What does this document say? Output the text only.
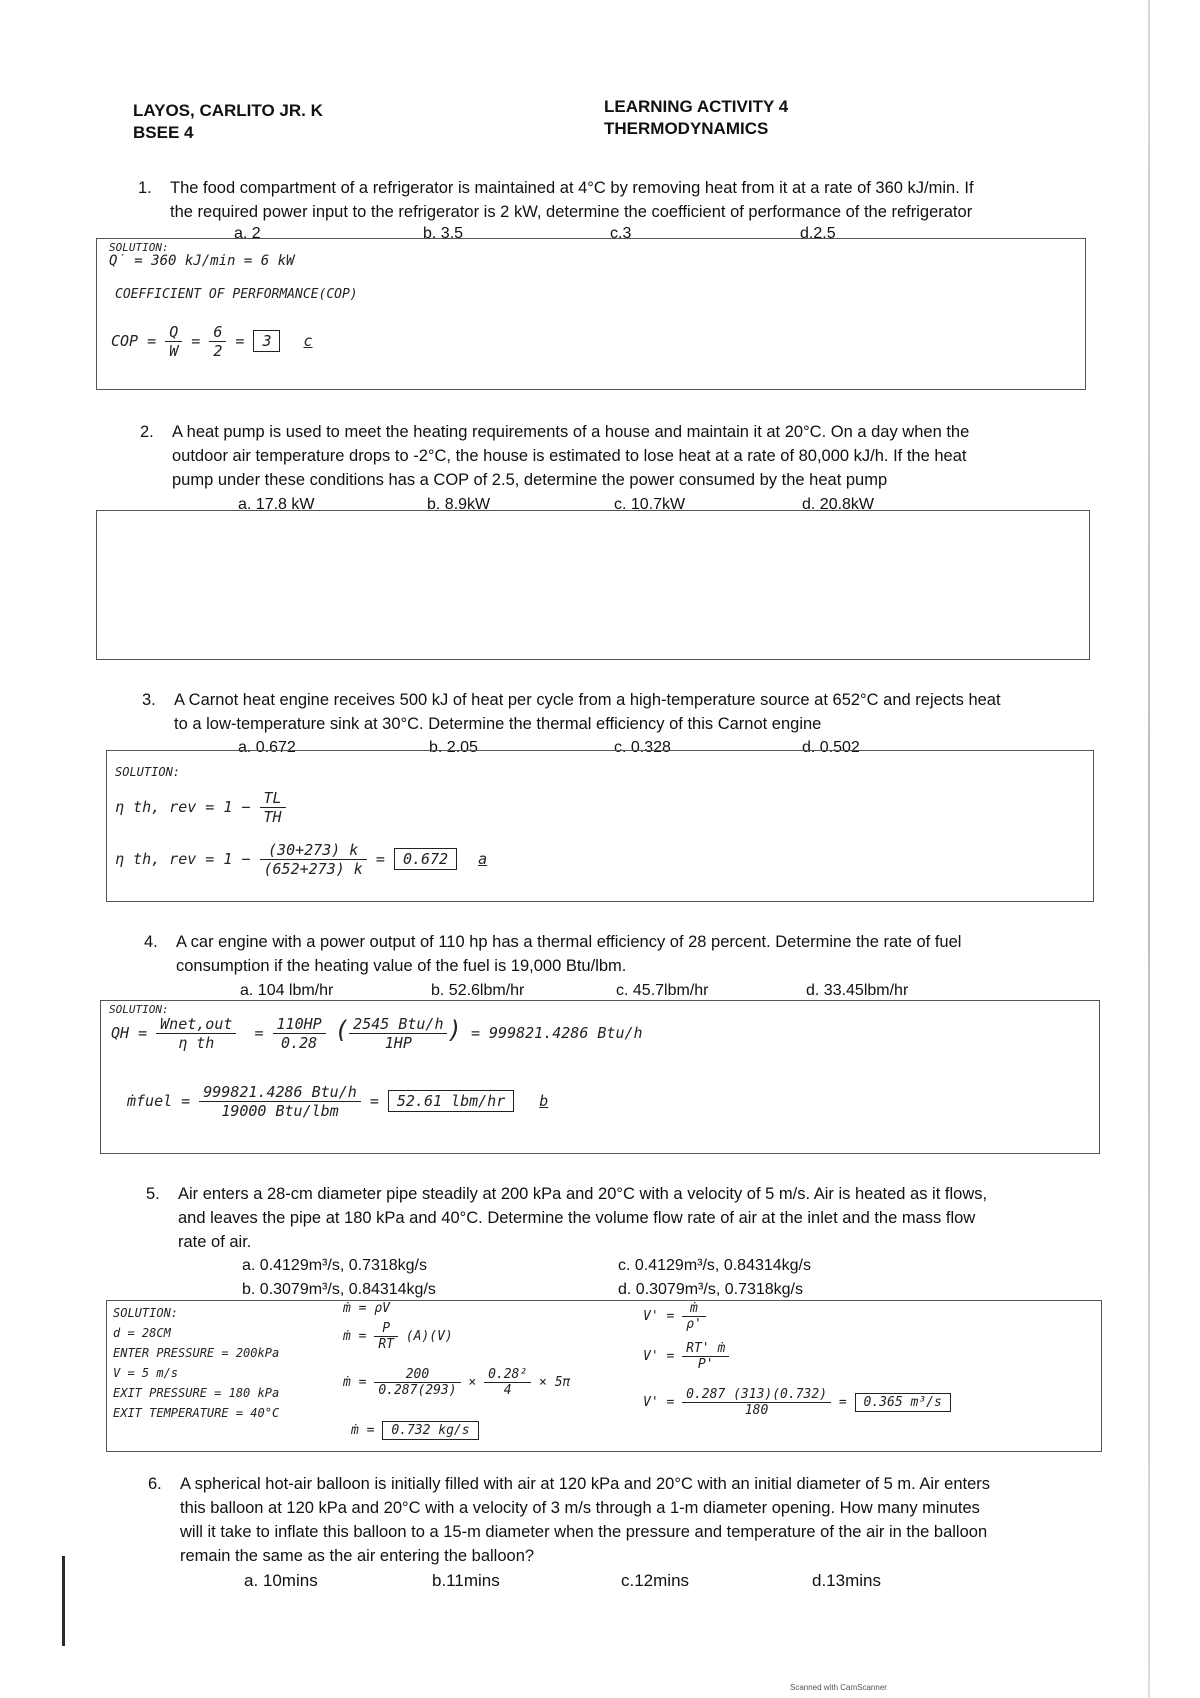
LAYOS, CARLITO JR. K
BSEE 4
LEARNING ACTIVITY 4
THERMODYNAMICS
1. The food compartment of a refrigerator is maintained at 4°C by removing heat from it at a rate of 360 kJ/min. If
the required power input to the refrigerator is 2 kW, determine the coefficient of performance of the refrigerator
a. 2	b. 3.5	c.3	d.2.5
SOLUTION:
Q̇ = 360 kJ/min = 6 kW
COEFFICIENT OF PERFORMANCE(COP)
COP = $\frac{Q}{W} = \frac{6}{2} = 3$ c
2. A heat pump is used to meet the heating requirements of a house and maintain it at 20°C. On a day when the
outdoor air temperature drops to -2°C, the house is estimated to lose heat at a rate of 80,000 kJ/h. If the heat
pump under these conditions has a COP of 2.5, determine the power consumed by the heat pump
a. 17.8 kW	b. 8.9kW	c. 10.7kW	d. 20.8kW
3. A Carnot heat engine receives 500 kJ of heat per cycle from a high-temperature source at 652°C and rejects heat
to a low-temperature sink at 30°C. Determine the thermal efficiency of this Carnot engine
a. 0.672	b. 2.05	c. 0.328	d. 0.502
SOLUTION:
η th, rev = $1 - \frac{TL}{TH}$
η th, rev = $1 - \frac{(30+273) k}{(652+273) k} = 0.672$ a
4. A car engine with a power output of 110 hp has a thermal efficiency of 28 percent. Determine the rate of fuel
consumption if the heating value of the fuel is 19,000 Btu/lbm.
a. 104 lbm/hr	b. 52.6lbm/hr	c. 45.7lbm/hr	d. 33.45lbm/hr
SOLUTION:
QH = $\frac{\text{Wnet,out}}{\text{η th}} = \frac{110HP}{0.28}$ ( $\frac{\text{2545 Btu/h}}{1HP}$ ) = 999821.4286 Btu/h
ṁfuel = $\frac{\text{999821.4286 Btu/h}}{\text{19000 Btu/lbm}} = 52.61$ lbm/hr b
5. Air enters a 28-cm diameter pipe steadily at 200 kPa and 20°C with a velocity of 5 m/s. Air is heated as it flows,
and leaves the pipe at 180 kPa and 40°C. Determine the volume flow rate of air at the inlet and the mass flow
rate of air.
a. 0.4129m³/s, 0.7318kg/s	c. 0.4129m³/s, 0.84314kg/s
b. 0.3079m³/s, 0.84314kg/s	d. 0.3079m³/s, 0.7318kg/s
SOLUTION:
d = 28CM
ENTER PRESSURE = 200kPa
V = 5 m/s
EXIT PRESSURE = 180 kPa
EXIT TEMPERATURE = 40°C
ṁ = ρV
ṁ = $\frac{P}{RT} (A)(V)$
ṁ = $\frac{200}{0.287(293)} \times \frac{\text{0.28²}}{4} \times 5\pi$
ṁ = 0.732 kg/s
$V' = \frac{\text{ṁ}}{\rho'}$
$V' = \frac{\text{RT' ṁ}}{P'}$
$V' = \frac{0.287 (313)(0.732)}{180} = 0.365$ m³/s
6. A spherical hot-air balloon is initially filled with air at 120 kPa and 20°C with an initial diameter of 5 m. Air enters
this balloon at 120 kPa and 20°C with a velocity of 3 m/s through a 1-m diameter opening. How many minutes
will it take to inflate this balloon to a 15-m diameter when the pressure and temperature of the air in the balloon
remain the same as the air entering the balloon?
a. 10mins	b.11mins	c.12mins	d.13mins
Scanned with CamScanner
